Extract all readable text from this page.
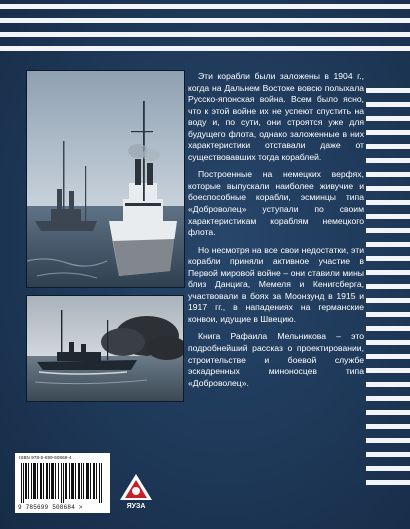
Эти корабли были заложены в 1904 г., когда на Дальнем Востоке вовсю полыхала Русско-японская война. Всем было ясно, что к этой войне их не успеют спустить на воду и, по сути, они строятся уже для будущего флота, однако заложенные в них характеристики отставали даже от существовавших тогда кораблей.

Построенные на немецких верфях, которые выпускали наиболее живучие и боеспособные корабли, эсминцы типа «Доброволец» уступали по своим характеристикам кораблям немецкого флота.

Но несмотря на все свои недостатки, эти корабли приняли активное участие в Первой мировой войне – они ставили мины близ Данцига, Мемеля и Кенигсберга, участвовали в боях за Моонзунд в 1915 и 1917 гг., в нападениях на германские конвои, идущие в Швецию.

Книга Рафаила Мельникова – это подробнейший рассказ о проектировании, строительстве и боевой службе эскадренных миноносцев типа «Доброволец».

ISBN 978-5-699-50868-4
9 785699 508684 >	ЯУЗА
